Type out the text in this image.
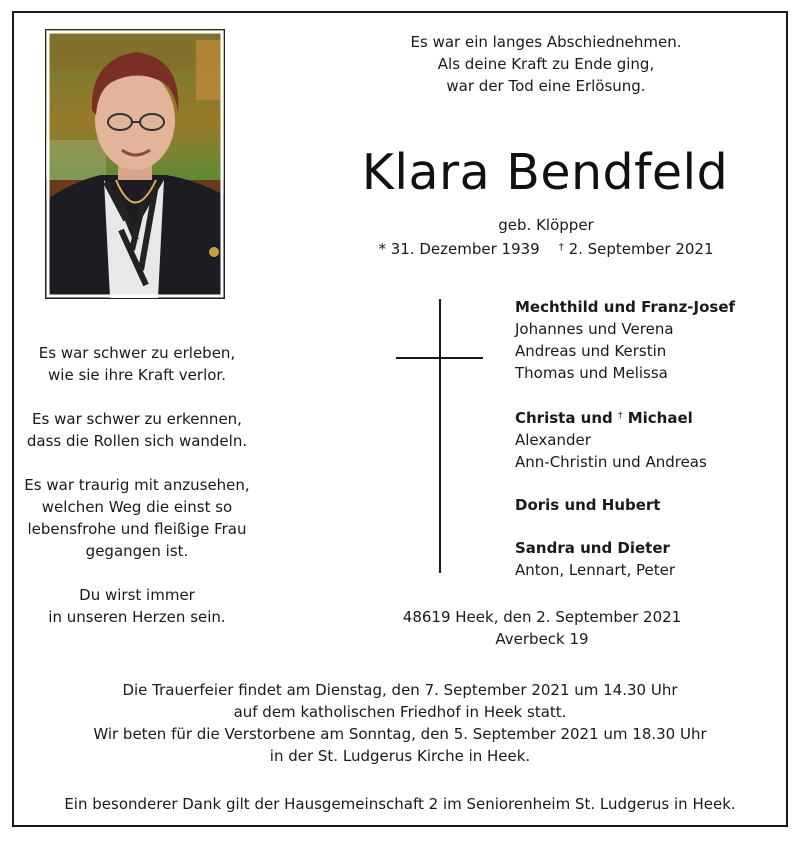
Es war ein langes Abschiednehmen.
Als deine Kraft zu Ende ging,
war der Tod eine Erlösung.
Klara Bendfeld
geb. Klöpper
* 31. Dezember 1939 † 2. September 2021

Es war schwer zu erleben,
wie sie ihre Kraft verlor.

Es war schwer zu erkennen,
dass die Rollen sich wandeln.

Es war traurig mit anzusehen,
welchen Weg die einst so
lebensfrohe und fleißige Frau
gegangen ist.

Du wirst immer
in unseren Herzen sein.

Mechthild und Franz-Josef
Johannes und Verena
Andreas und Kerstin
Thomas und Melissa
Christa und † Michael
Alexander
Ann-Christin und Andreas
Doris und Hubert
Sandra und Dieter
Anton, Lennart, Peter
48619 Heek, den 2. September 2021
Averbeck 19
Die Trauerfeier findet am Dienstag, den 7. September 2021 um 14.30 Uhr
auf dem katholischen Friedhof in Heek statt.
Wir beten für die Verstorbene am Sonntag, den 5. September 2021 um 18.30 Uhr
in der St. Ludgerus Kirche in Heek.
Ein besonderer Dank gilt der Hausgemeinschaft 2 im Seniorenheim St. Ludgerus in Heek.
